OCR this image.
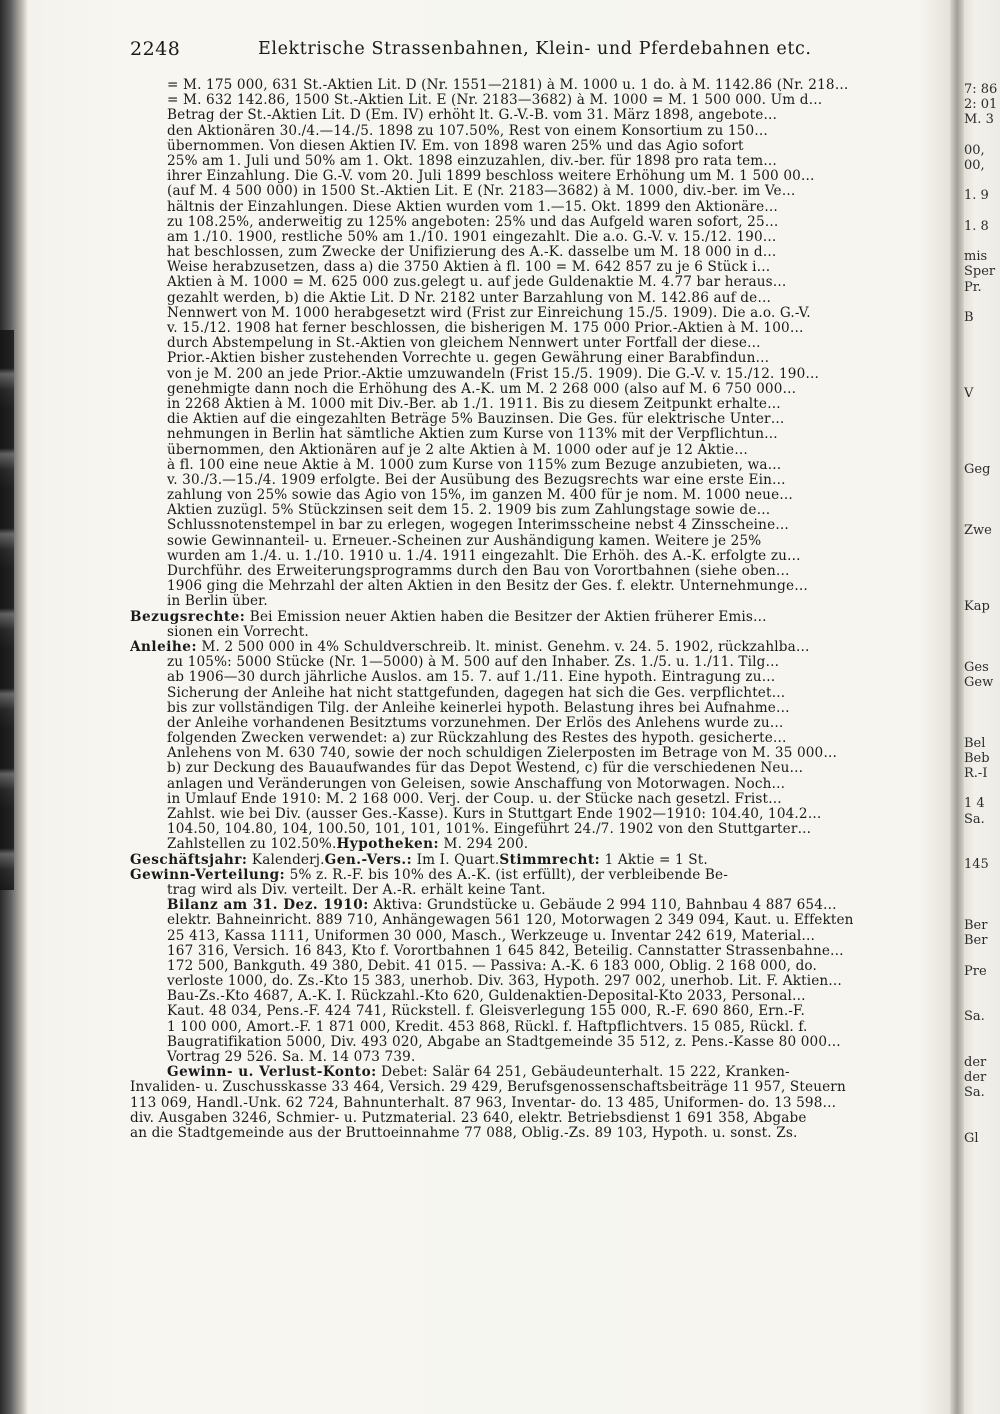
2248	Elektrische Strassenbahnen, Klein- und Pferdebahnen etc.
= M. 175 000, 631 St.-Aktien Lit. D (Nr. 1551—2181) à M. 1000 u. 1 do. à M. 1142.86 (Nr. 218…
= M. 632 142.86, 1500 St.-Aktien Lit. E (Nr. 2183—3682) à M. 1000 = M. 1 500 000. Um d…
Betrag der St.-Aktien Lit. D (Em. IV) erhöht lt. G.-V.-B. vom 31. März 1898, angebote…
den Aktionären 30./4.—14./5. 1898 zu 107.50%, Rest von einem Konsortium zu 150…
übernommen. Von diesen Aktien IV. Em. von 1898 waren 25% und das Agio sofort
25% am 1. Juli und 50% am 1. Okt. 1898 einzuzahlen, div.-ber. für 1898 pro rata tem…
ihrer Einzahlung. Die G.-V. vom 20. Juli 1899 beschloss weitere Erhöhung um M. 1 500 00…
(auf M. 4 500 000) in 1500 St.-Aktien Lit. E (Nr. 2183—3682) à M. 1000, div.-ber. im Ve…
hältnis der Einzahlungen. Diese Aktien wurden vom 1.—15. Okt. 1899 den Aktionäre…
zu 108.25%, anderweitig zu 125% angeboten: 25% und das Aufgeld waren sofort, 25…
am 1./10. 1900, restliche 50% am 1./10. 1901 eingezahlt. Die a.o. G.-V. v. 15./12. 190…
hat beschlossen, zum Zwecke der Unifizierung des A.-K. dasselbe um M. 18 000 in d…
Weise herabzusetzen, dass a) die 3750 Aktien à fl. 100 = M. 642 857 zu je 6 Stück i…
Aktien à M. 1000 = M. 625 000 zus.gelegt u. auf jede Guldenaktie M. 4.77 bar heraus…
gezahlt werden, b) die Aktie Lit. D Nr. 2182 unter Barzahlung von M. 142.86 auf de…
Nennwert von M. 1000 herabgesetzt wird (Frist zur Einreichung 15./5. 1909). Die a.o. G.-V.
v. 15./12. 1908 hat ferner beschlossen, die bisherigen M. 175 000 Prior.-Aktien à M. 100…
durch Abstempelung in St.-Aktien von gleichem Nennwert unter Fortfall der diese…
Prior.-Aktien bisher zustehenden Vorrechte u. gegen Gewährung einer Barabfindun…
von je M. 200 an jede Prior.-Aktie umzuwandeln (Frist 15./5. 1909). Die G.-V. v. 15./12. 190…
genehmigte dann noch die Erhöhung des A.-K. um M. 2 268 000 (also auf M. 6 750 000…
in 2268 Aktien à M. 1000 mit Div.-Ber. ab 1./1. 1911. Bis zu diesem Zeitpunkt erhalte…
die Aktien auf die eingezahlten Beträge 5% Bauzinsen. Die Ges. für elektrische Unter…
nehmungen in Berlin hat sämtliche Aktien zum Kurse von 113% mit der Verpflichtun…
übernommen, den Aktionären auf je 2 alte Aktien à M. 1000 oder auf je 12 Aktie…
à fl. 100 eine neue Aktie à M. 1000 zum Kurse von 115% zum Bezuge anzubieten, wa…
v. 30./3.—15./4. 1909 erfolgte. Bei der Ausübung des Bezugsrechts war eine erste Ein…
zahlung von 25% sowie das Agio von 15%, im ganzen M. 400 für je nom. M. 1000 neue…
Aktien zuzügl. 5% Stückzinsen seit dem 15. 2. 1909 bis zum Zahlungstage sowie de…
Schlussnotenstempel in bar zu erlegen, wogegen Interimsscheine nebst 4 Zinsscheine…
sowie Gewinnanteil- u. Erneuer.-Scheinen zur Aushändigung kamen. Weitere je 25%
wurden am 1./4. u. 1./10. 1910 u. 1./4. 1911 eingezahlt. Die Erhöh. des A.-K. erfolgte zu…
Durchführ. des Erweiterungsprogramms durch den Bau von Vorortbahnen (siehe oben…
1906 ging die Mehrzahl der alten Aktien in den Besitz der Ges. f. elektr. Unternehmunge…
in Berlin über.
Bezugsrechte: Bei Emission neuer Aktien haben die Besitzer der Aktien früherer Emis…
sionen ein Vorrecht.
Anleihe: M. 2 500 000 in 4% Schuldverschreib. lt. minist. Genehm. v. 24. 5. 1902, rückzahlba…
zu 105%: 5000 Stücke (Nr. 1—5000) à M. 500 auf den Inhaber. Zs. 1./5. u. 1./11. Tilg…
ab 1906—30 durch jährliche Auslos. am 15. 7. auf 1./11. Eine hypoth. Eintragung zu…
Sicherung der Anleihe hat nicht stattgefunden, dagegen hat sich die Ges. verpflichtet…
bis zur vollständigen Tilg. der Anleihe keinerlei hypoth. Belastung ihres bei Aufnahme…
der Anleihe vorhandenen Besitztums vorzunehmen. Der Erlös des Anlehens wurde zu…
folgenden Zwecken verwendet: a) zur Rückzahlung des Restes des hypoth. gesicherte…
Anlehens von M. 630 740, sowie der noch schuldigen Zielerposten im Betrage von M. 35 000…
b) zur Deckung des Bauaufwandes für das Depot Westend, c) für die verschiedenen Neu…
anlagen und Veränderungen von Geleisen, sowie Anschaffung von Motorwagen. Noch…
in Umlauf Ende 1910: M. 2 168 000. Verj. der Coup. u. der Stücke nach gesetzl. Frist…
Zahlst. wie bei Div. (ausser Ges.-Kasse). Kurs in Stuttgart Ende 1902—1910: 104.40, 104.2…
104.50, 104.80, 104, 100.50, 101, 101, 101%. Eingeführt 24./7. 1902 von den Stuttgarter…
Zahlstellen zu 102.50%.Hypotheken: M. 294 200.
Geschäftsjahr: Kalenderj.Gen.-Vers.: Im I. Quart.Stimmrecht: 1 Aktie = 1 St.
Gewinn-Verteilung: 5% z. R.-F. bis 10% des A.-K. (ist erfüllt), der verbleibende Be-
trag wird als Div. verteilt. Der A.-R. erhält keine Tant.
Bilanz am 31. Dez. 1910: Aktiva: Grundstücke u. Gebäude 2 994 110, Bahnbau 4 887 654…
elektr. Bahneinricht. 889 710, Anhängewagen 561 120, Motorwagen 2 349 094, Kaut. u. Effekten
25 413, Kassa 1111, Uniformen 30 000, Masch., Werkzeuge u. Inventar 242 619, Material…
167 316, Versich. 16 843, Kto f. Vorortbahnen 1 645 842, Beteilig. Cannstatter Strassenbahne…
172 500, Bankguth. 49 380, Debit. 41 015. — Passiva: A.-K. 6 183 000, Oblig. 2 168 000, do.
verloste 1000, do. Zs.-Kto 15 383, unerhob. Div. 363, Hypoth. 297 002, unerhob. Lit. F. Aktien…
Bau-Zs.-Kto 4687, A.-K. I. Rückzahl.-Kto 620, Guldenaktien-Deposital-Kto 2033, Personal…
Kaut. 48 034, Pens.-F. 424 741, Rückstell. f. Gleisverlegung 155 000, R.-F. 690 860, Ern.-F.
1 100 000, Amort.-F. 1 871 000, Kredit. 453 868, Rückl. f. Haftpflichtvers. 15 085, Rückl. f.
Baugratifikation 5000, Div. 493 020, Abgabe an Stadtgemeinde 35 512, z. Pens.-Kasse 80 000…
Vortrag 29 526. Sa. M. 14 073 739.
Gewinn- u. Verlust-Konto: Debet: Salär 64 251, Gebäudeunterhalt. 15 222, Kranken-
Invaliden- u. Zuschusskasse 33 464, Versich. 29 429, Berufsgenossenschaftsbeiträge 11 957, Steuern
113 069, Handl.-Unk. 62 724, Bahnunterhalt. 87 963, Inventar- do. 13 485, Uniformen- do. 13 598…
div. Ausgaben 3246, Schmier- u. Putzmaterial. 23 640, elektr. Betriebsdienst 1 691 358, Abgabe
an die Stadtgemeinde aus der Bruttoeinnahme 77 088, Oblig.-Zs. 89 103, Hypoth. u. sonst. Zs.
7: 86
2: 01
M. 3
00,
00,
1. 9
1. 8
mis
Sper
Pr.
B
V
Geg
Zwe
Kap
Ges
Gew
Bel
Beb
R.-I
1 4
Sa.
145
Ber
Ber
Pre
Sa.
der
der
Sa.
Gl
